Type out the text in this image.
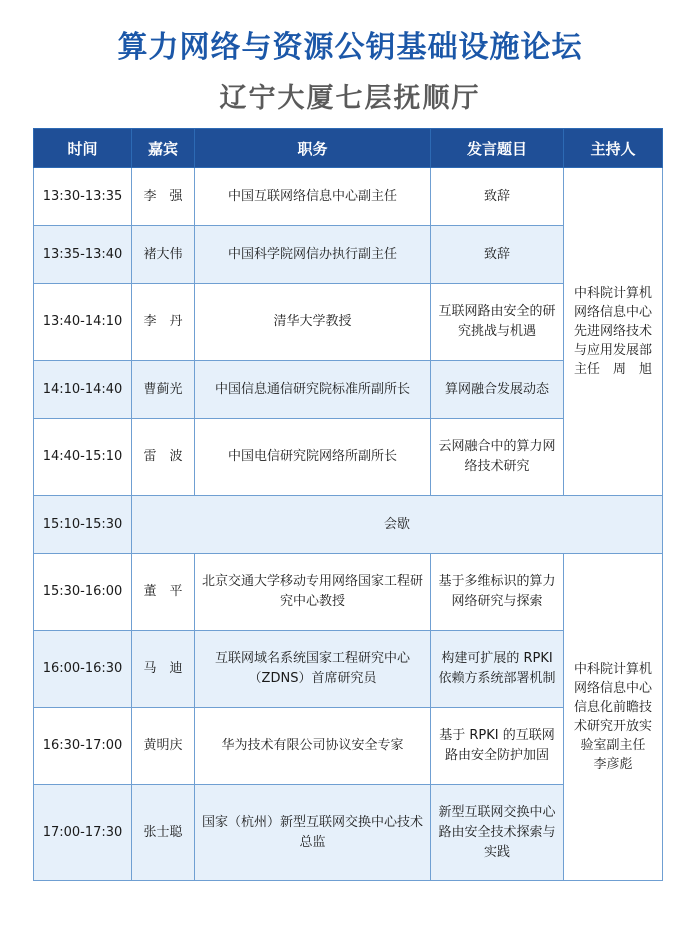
算力网络与资源公钥基础设施论坛
辽宁大厦七层抚顺厅
时间	嘉宾	职务	发言题目	主持人
13:30-13:35	李　强	中国互联网络信息中心副主任	致辞	中科院计算机网络信息中心先进网络技术与应用发展部主任　周　旭
13:35-13:40	褚大伟	中国科学院网信办执行副主任	致辞	
13:40-14:10	李　丹	清华大学教授	互联网路由安全的研究挑战与机遇	
14:10-14:40	曹蓟光	中国信息通信研究院标准所副所长	算网融合发展动态	
14:40-15:10	雷　波	中国电信研究院网络所副所长	云网融合中的算力网络技术研究	
15:10-15:30	会歇			
15:30-16:00	董　平	北京交通大学移动专用网络国家工程研究中心教授	基于多维标识的算力网络研究与探索	中科院计算机网络信息中心信息化前瞻技术研究开放实验室副主任　李彦彪
16:00-16:30	马　迪	互联网域名系统国家工程研究中心（ZDNS）首席研究员	构建可扩展的 RPKI 依赖方系统部署机制	
16:30-17:00	黄明庆	华为技术有限公司协议安全专家	基于 RPKI 的互联网路由安全防护加固	
17:00-17:30	张士聪	国家（杭州）新型互联网交换中心技术总监	新型互联网交换中心路由安全技术探索与实践	
